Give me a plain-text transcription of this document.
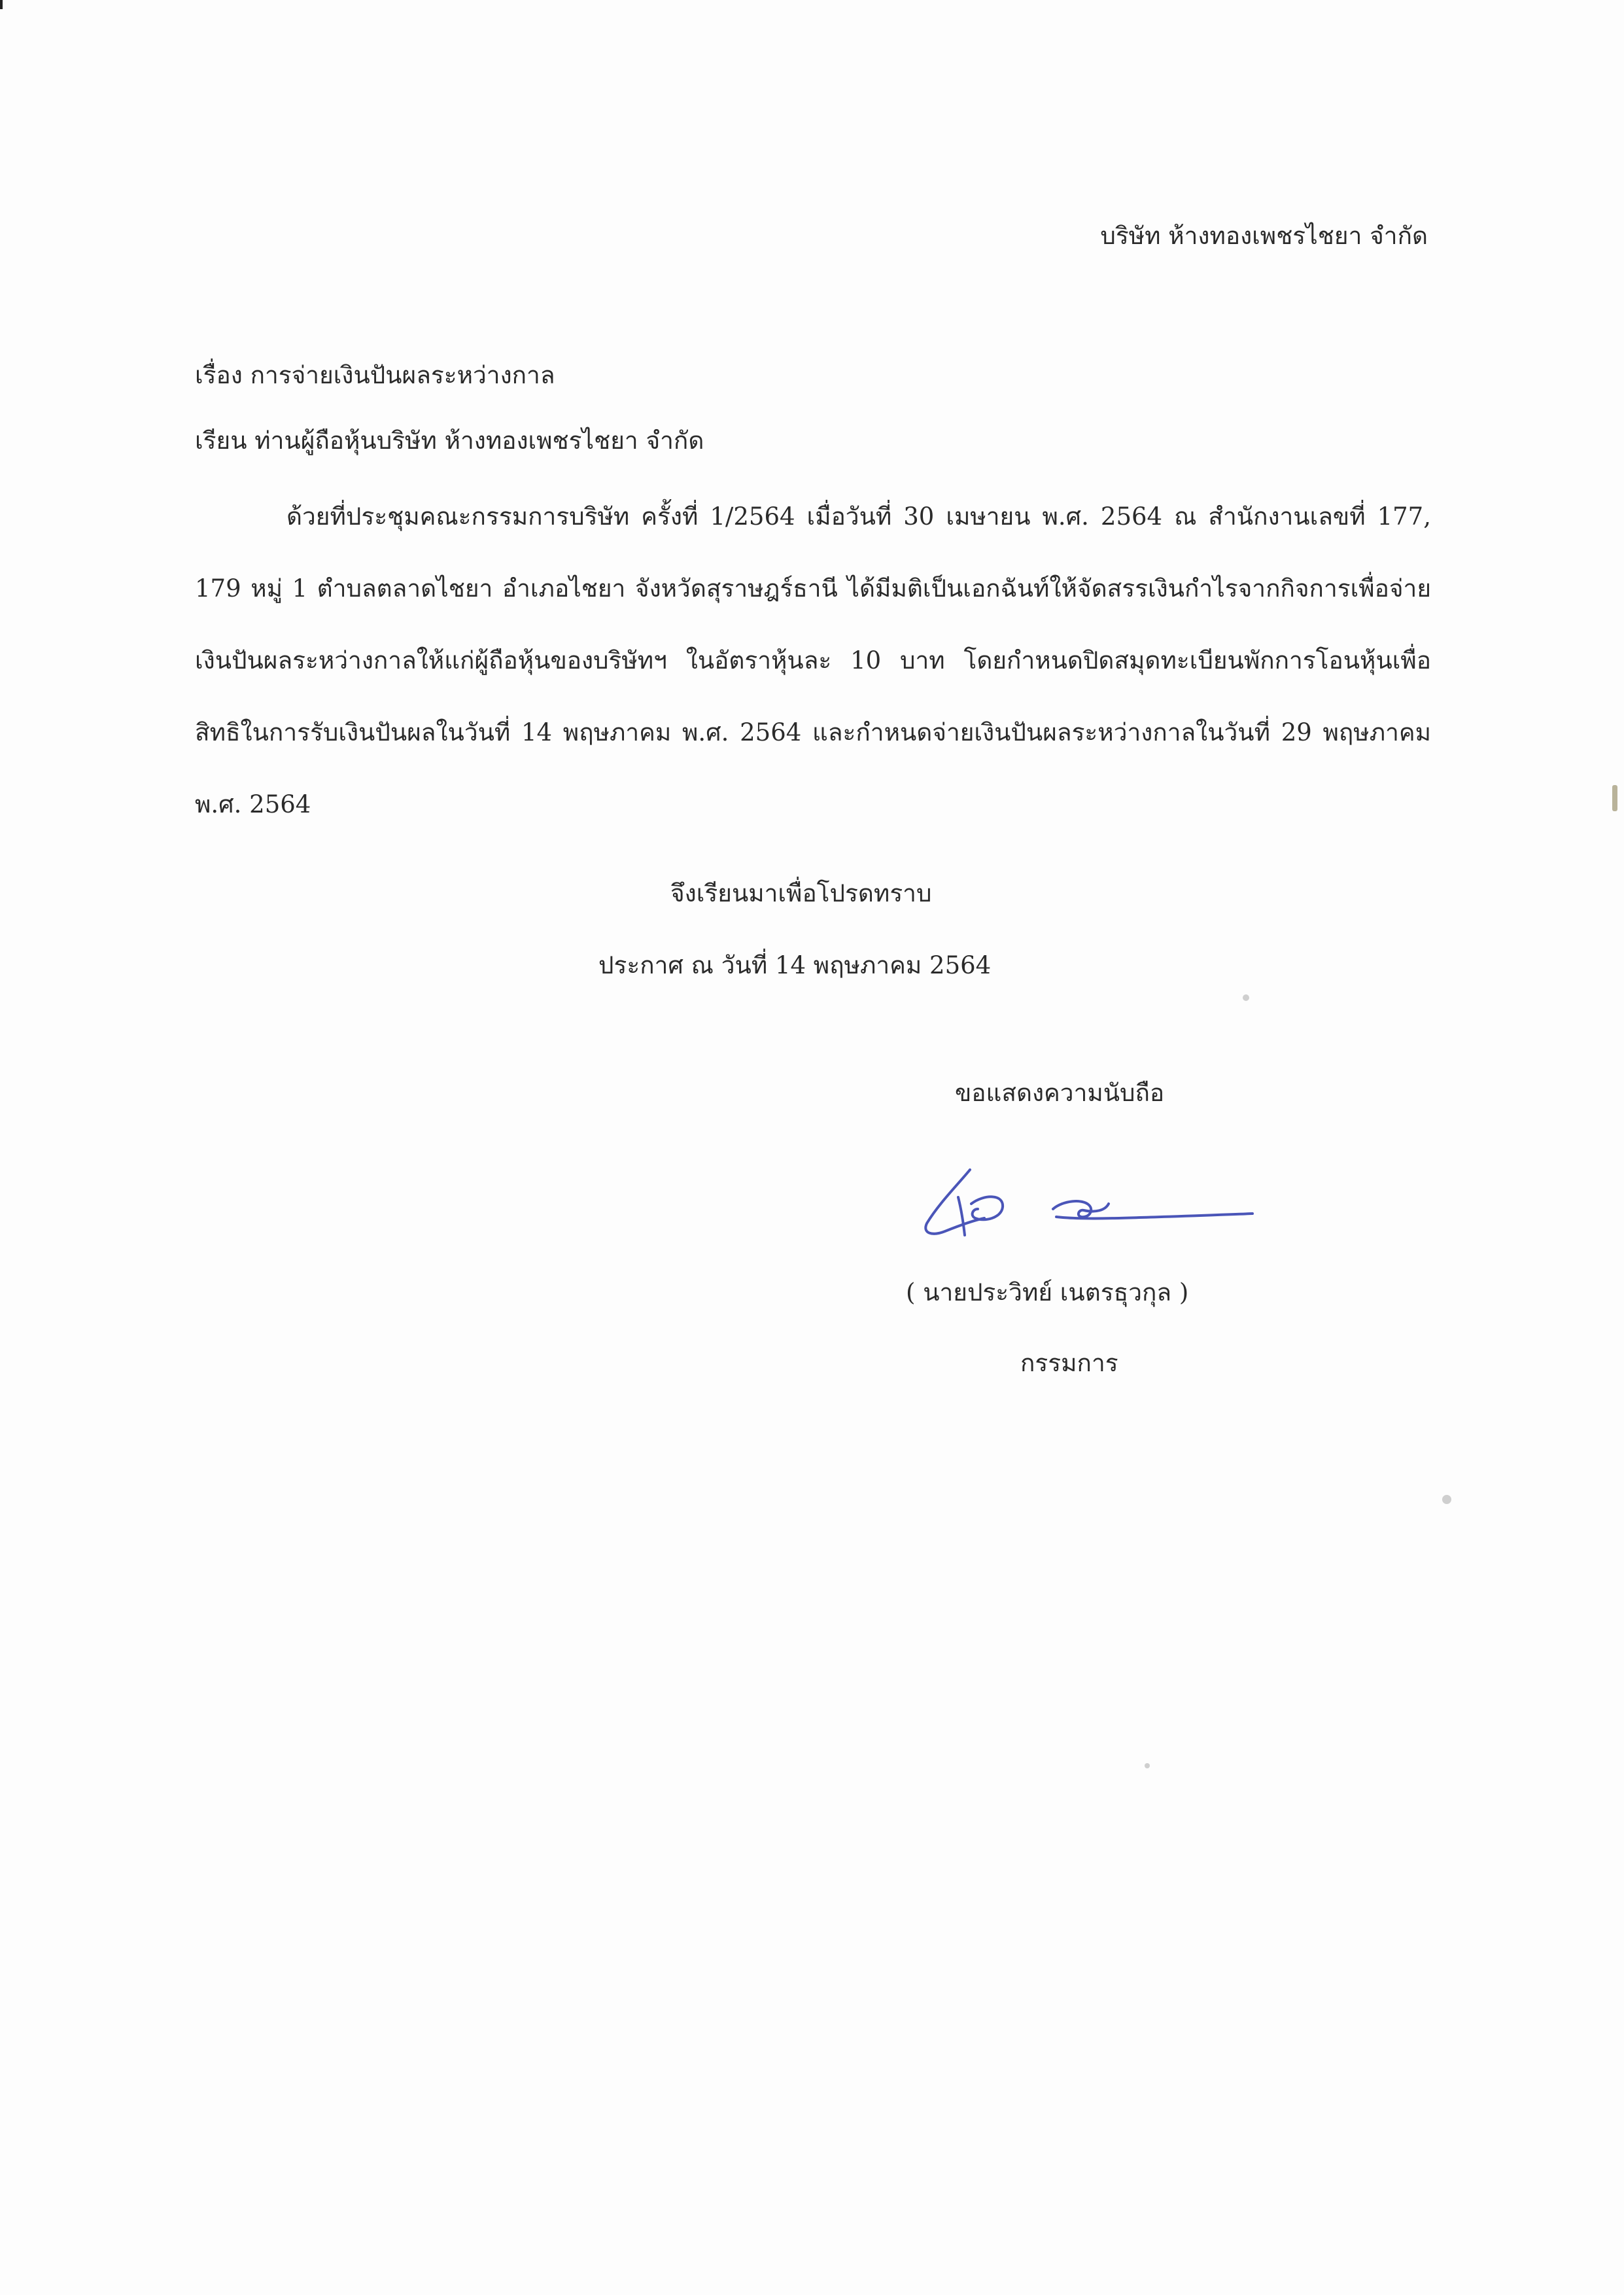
บริษัท ห้างทองเพชรไชยา จำกัด
เรื่อง การจ่ายเงินปันผลระหว่างกาล
เรียน ท่านผู้ถือหุ้นบริษัท ห้างทองเพชรไชยา จำกัด
ด้วยที่ประชุมคณะกรรมการบริษัท ครั้งที่ 1/2564 เมื่อวันที่ 30 เมษายน พ.ศ. 2564 ณ สำนักงานเลขที่ 177, 179 หมู่ 1 ตำบลตลาดไชยา อำเภอไชยา จังหวัดสุราษฎร์ธานี ได้มีมติเป็นเอกฉันท์ให้จัดสรรเงินกำไรจากกิจการเพื่อจ่ายเงินปันผลระหว่างกาลให้แก่ผู้ถือหุ้นของบริษัทฯ ในอัตราหุ้นละ 10 บาท โดยกำหนดปิดสมุดทะเบียนพักการโอนหุ้นเพื่อสิทธิในการรับเงินปันผลในวันที่ 14 พฤษภาคม พ.ศ. 2564 และกำหนดจ่ายเงินปันผลระหว่างกาลในวันที่ 29 พฤษภาคม พ.ศ. 2564
จึงเรียนมาเพื่อโปรดทราบ
ประกาศ ณ วันที่ 14 พฤษภาคม 2564
ขอแสดงความนับถือ
( นายประวิทย์ เนตรธุวกุล )
กรรมการ
